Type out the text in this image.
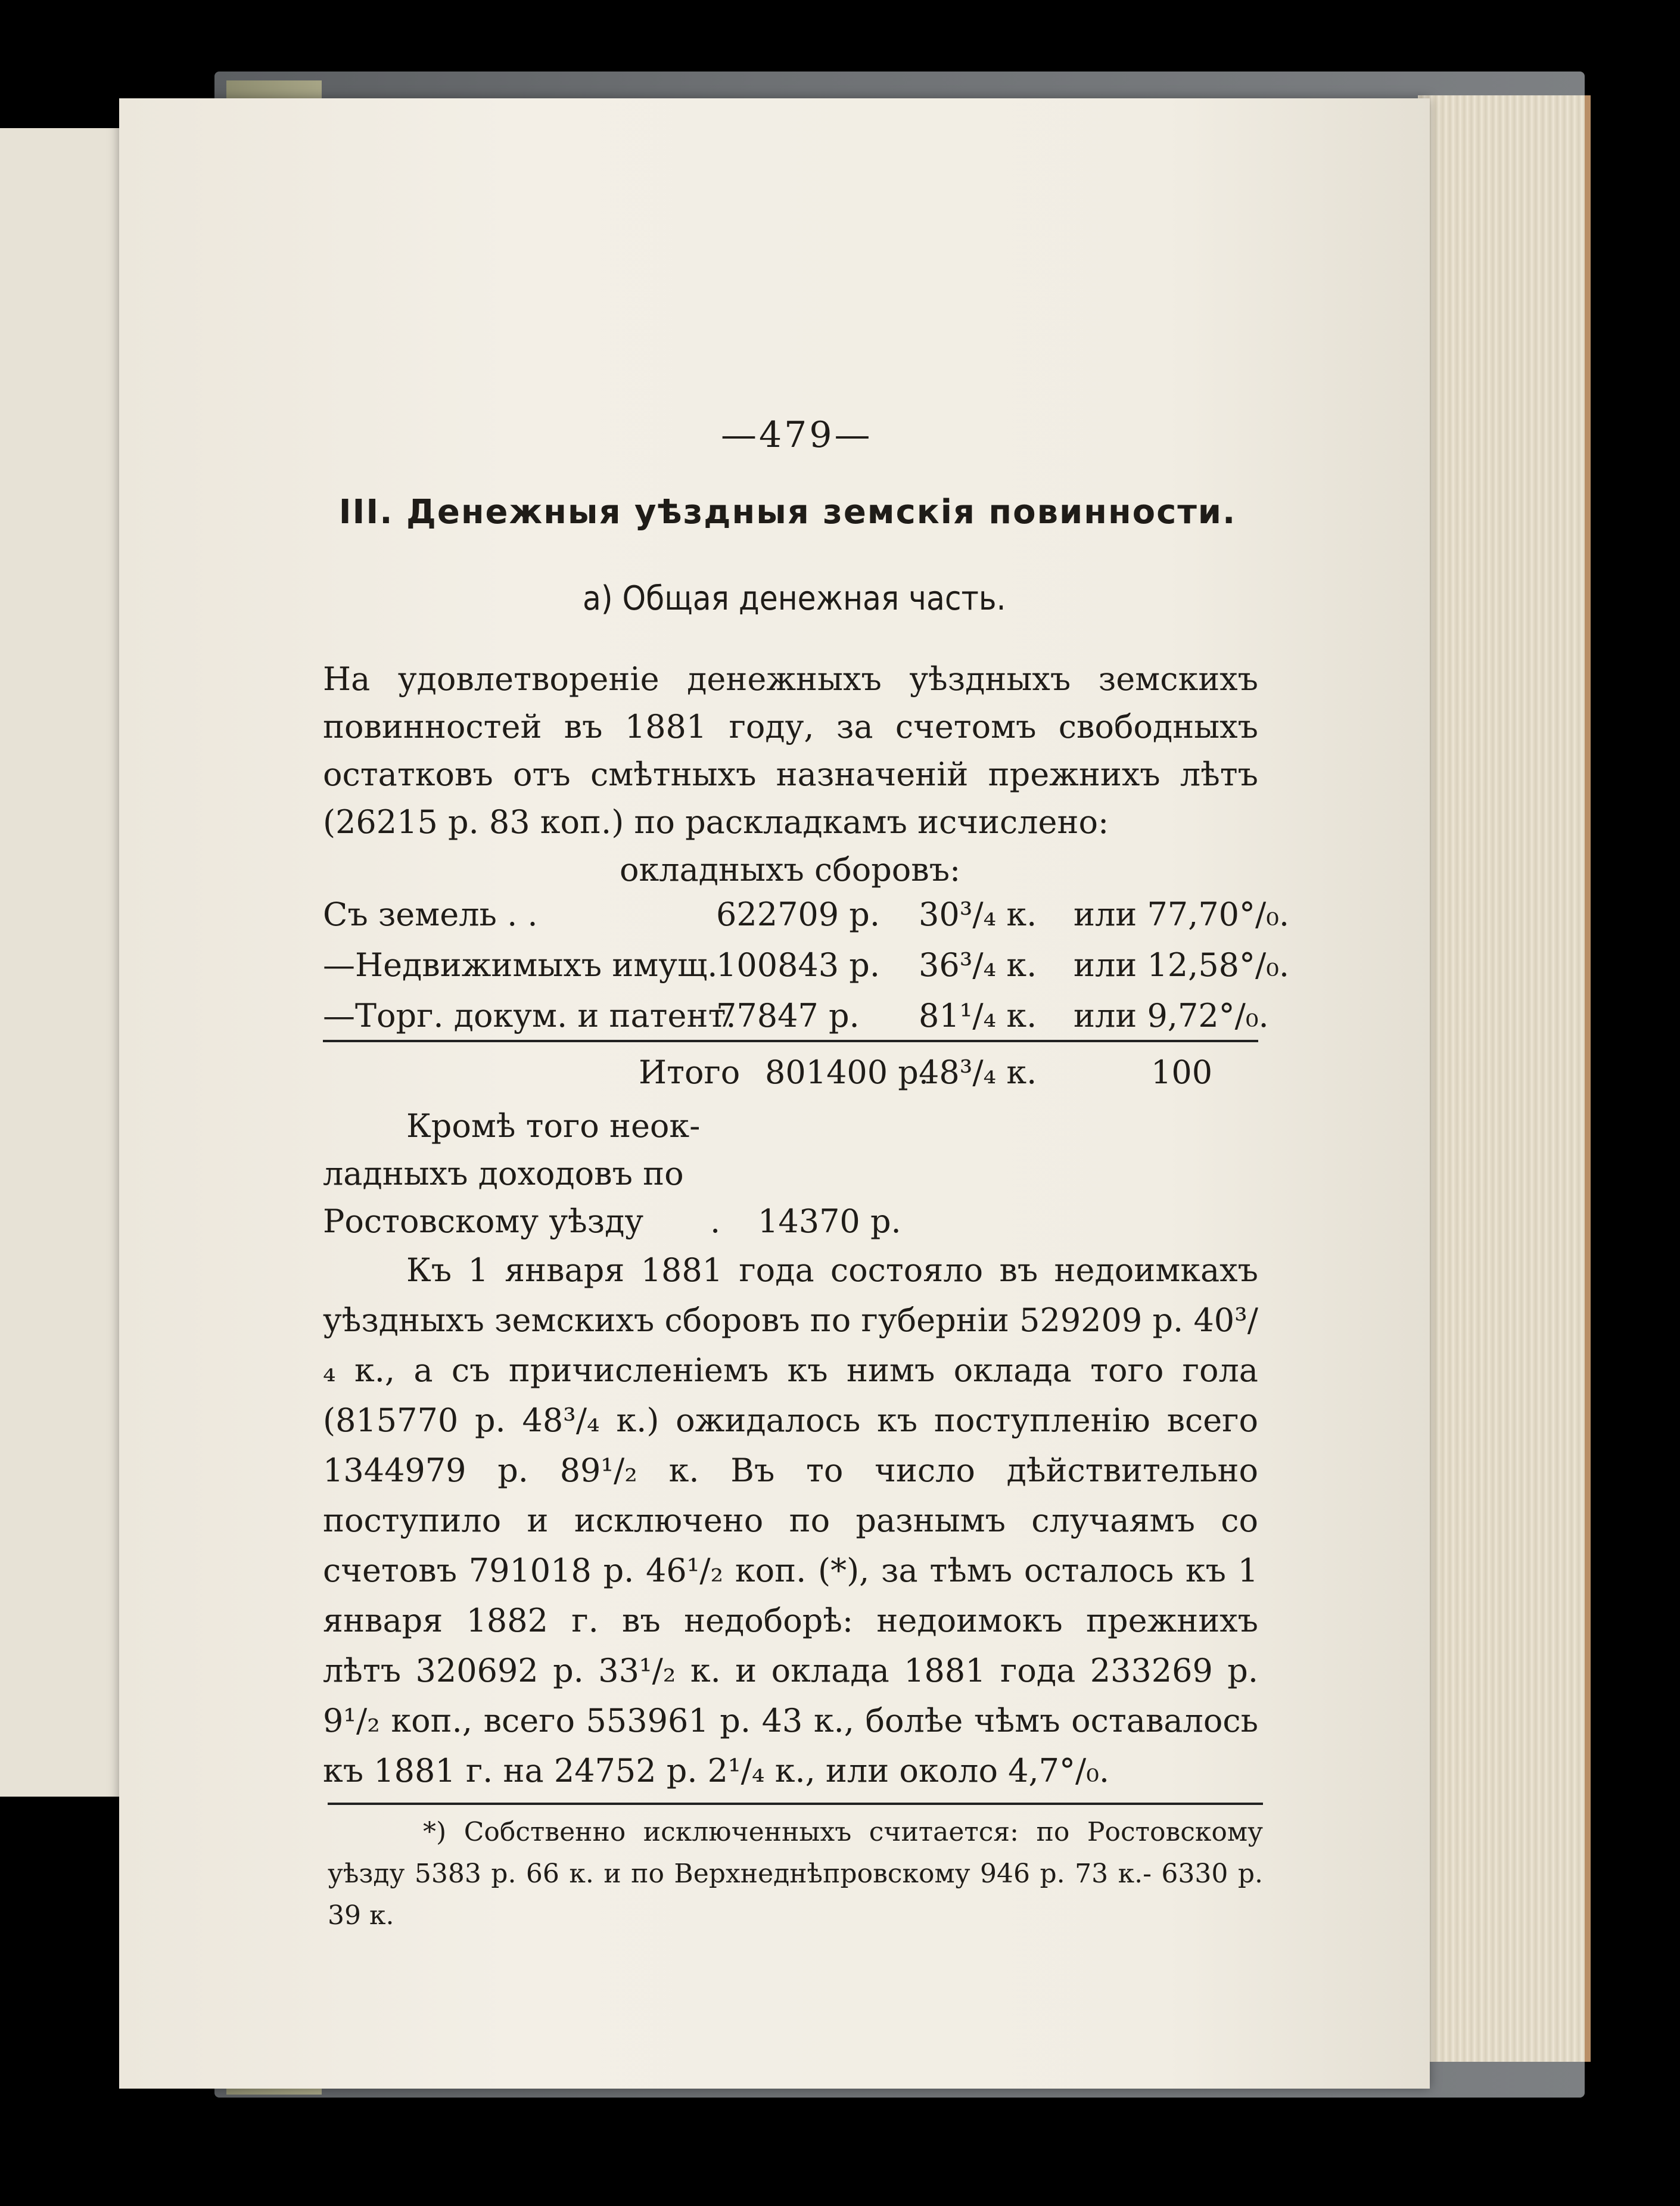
—479—
III. Денежныя уѣздныя земскія повинности.
а) Общая денежная часть.
На удовлетвореніе денежныхъ уѣздныхъ земскихъ повинностей въ 1881 году, за счетомъ свободныхъ остатковъ отъ смѣтныхъ назначеній прежнихъ лѣтъ (26215 р. 83 коп.) по раскладкамъ исчислено:
окладныхъ сборовъ:
Съ земель . .	622709 р. 30³/₄ к. или 77,70°/₀.
—Недвижимыхъ имущ.
100843 р. 36³/₄ к. или 12,58°/₀.
—Торг. докум. и патент.
77847 р. 81¹/₄ к. или 9,72°/₀.
Итого 801400 р.
48³/₄ к.	100
Кромѣ того неок-
ладныхъ доходовъ по
Ростовскому уѣзду . 14370 р.
Къ 1 января 1881 года состояло въ недоимкахъ уѣздныхъ земскихъ сборовъ по губерніи 529209 р. 40³/₄ к., а съ причисленіемъ къ нимъ оклада того гола (815770 р. 48³/₄ к.) ожидалось къ поступленію всего 1344979 р. 89¹/₂ к. Въ то число дѣйствительно поступило и исключено по разнымъ случаямъ со счетовъ 791018 р. 46¹/₂ коп. (*), за тѣмъ осталось къ 1 января 1882 г. въ недоборѣ: недоимокъ прежнихъ лѣтъ 320692 р. 33¹/₂ к. и оклада 1881 года 233269 р. 9¹/₂ коп., всего 553961 р. 43 к., болѣе чѣмъ оставалось къ 1881 г. на 24752 р. 2¹/₄ к., или около 4,7°/₀.
*) Собственно исключенныхъ считается: по Ростовскому уѣзду 5383 р. 66 к. и по Верхнеднѣпровскому 946 р. 73 к.- 6330 р. 39 к.
